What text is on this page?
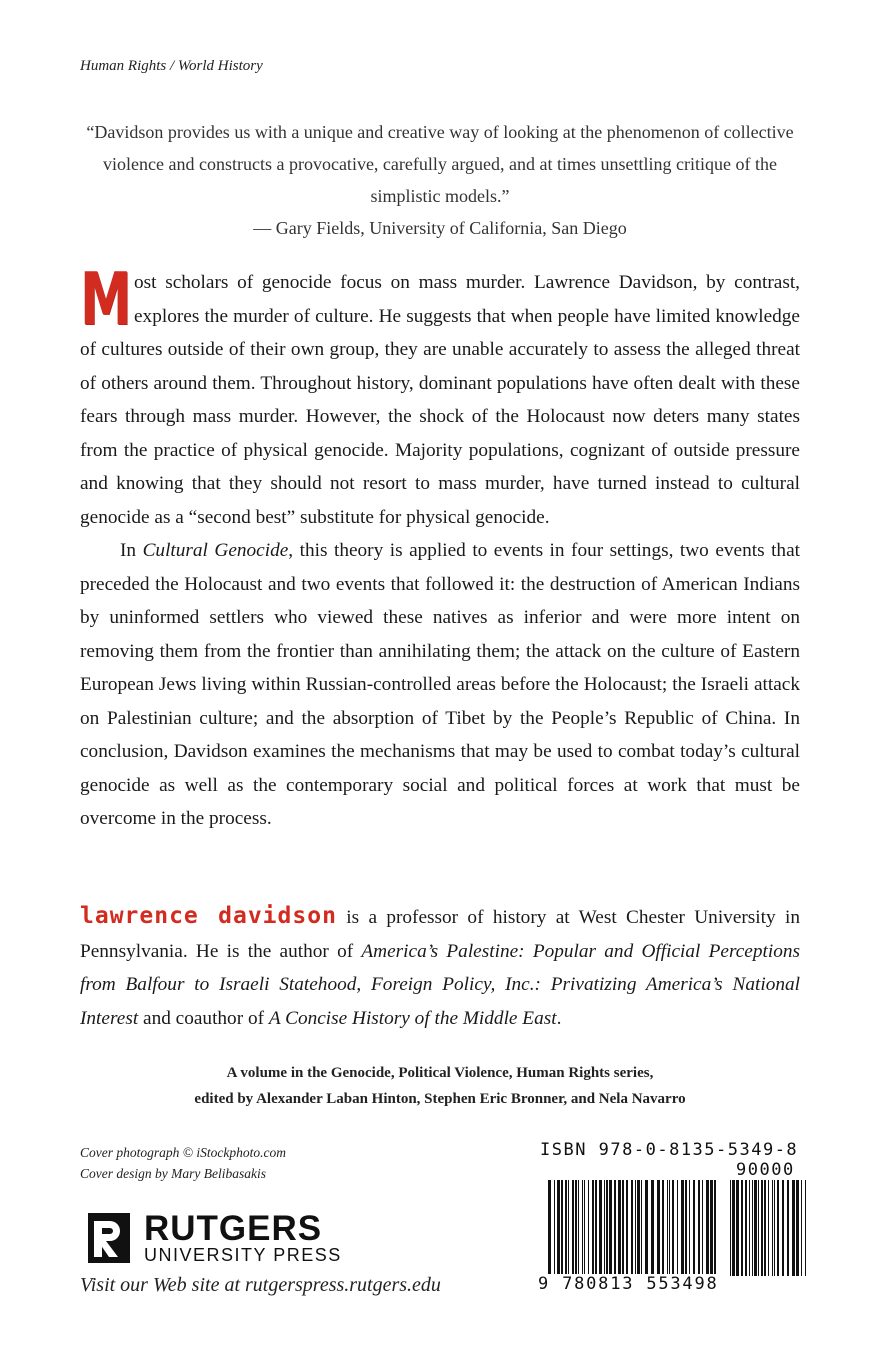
Human Rights / World History
“Davidson provides us with a unique and creative way of looking at the phenomenon of collective violence and constructs a provocative, carefully argued, and at times unsettling critique of the simplistic models.”
— Gary Fields, University of California, San Diego

Most scholars of genocide focus on mass murder. Lawrence Davidson, by contrast, explores the murder of culture. He suggests that when people have limited knowledge of cultures outside of their own group, they are unable accurately to assess the alleged threat of others around them. Throughout history, dominant populations have often dealt with these fears through mass murder. However, the shock of the Holocaust now deters many states from the practice of physical genocide. Majority populations, cognizant of outside pressure and knowing that they should not resort to mass murder, have turned instead to cultural genocide as a “second best” substitute for physical genocide.

In Cultural Genocide, this theory is applied to events in four settings, two events that preceded the Holocaust and two events that followed it: the destruction of American Indians by uninformed settlers who viewed these natives as inferior and were more intent on removing them from the frontier than annihilating them; the attack on the culture of Eastern European Jews living within Russian-controlled areas before the Holocaust; the Israeli attack on Palestinian culture; and the absorption of Tibet by the People’s Republic of China. In conclusion, Davidson examines the mechanisms that may be used to combat today’s cultural genocide as well as the contemporary social and political forces at work that must be overcome in the process.

lawrence davidson is a professor of history at West Chester University in Pennsylvania. He is the author of America’s Palestine: Popular and Official Perceptions from Balfour to Israeli Statehood, Foreign Policy, Inc.: Privatizing America’s National Interest and coauthor of A Concise History of the Middle East.
A volume in the Genocide, Political Violence, Human Rights series,
edited by Alexander Laban Hinton, Stephen Eric Bronner, and Nela Navarro
Cover photograph © iStockphoto.com
Cover design by Mary Belibasakis
RUTGERS
UNIVERSITY PRESS
Visit our Web site at rutgerspress.rutgers.edu
ISBN 978-0-8135-5349-8
90000
9 780813 553498
